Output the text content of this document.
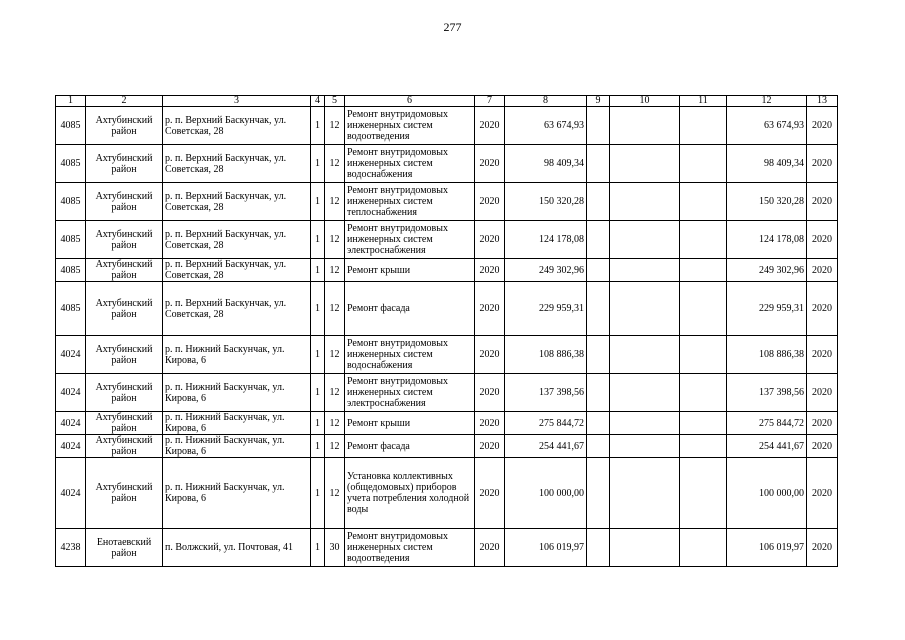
277
1	2	3	4	5	6	7	8	9	10	11	12	13
4085	Ахтубинский район	р. п. Верхний Баскунчак, ул. Советская, 28	1	12	Ремонт внутридомовых инженерных систем водоотведения	2020	63 674,93				63 674,93	2020
4085	Ахтубинский район	р. п. Верхний Баскунчак, ул. Советская, 28	1	12	Ремонт внутридомовых инженерных систем водоснабжения	2020	98 409,34				98 409,34	2020
4085	Ахтубинский район	р. п. Верхний Баскунчак, ул. Советская, 28	1	12	Ремонт внутридомовых инженерных систем теплоснабжения	2020	150 320,28				150 320,28	2020
4085	Ахтубинский район	р. п. Верхний Баскунчак, ул. Советская, 28	1	12	Ремонт внутридомовых инженерных систем электроснабжения	2020	124 178,08				124 178,08	2020
4085	Ахтубинский район	р. п. Верхний Баскунчак, ул. Советская, 28	1	12	Ремонт крыши	2020	249 302,96				249 302,96	2020
4085	Ахтубинский район	р. п. Верхний Баскунчак, ул. Советская, 28	1	12	Ремонт фасада	2020	229 959,31				229 959,31	2020
4024	Ахтубинский район	р. п. Нижний Баскунчак, ул. Кирова, 6	1	12	Ремонт внутридомовых инженерных систем водоснабжения	2020	108 886,38				108 886,38	2020
4024	Ахтубинский район	р. п. Нижний Баскунчак, ул. Кирова, 6	1	12	Ремонт внутридомовых инженерных систем электроснабжения	2020	137 398,56				137 398,56	2020
4024	Ахтубинский район	р. п. Нижний Баскунчак, ул. Кирова, 6	1	12	Ремонт крыши	2020	275 844,72				275 844,72	2020
4024	Ахтубинский район	р. п. Нижний Баскунчак, ул. Кирова, 6	1	12	Ремонт фасада	2020	254 441,67				254 441,67	2020
4024	Ахтубинский район	р. п. Нижний Баскунчак, ул. Кирова, 6	1	12	Установка коллективных (общедомовых) приборов учета потребления холодной воды	2020	100 000,00				100 000,00	2020
4238	Енотаевский район	п. Волжский, ул. Почтовая, 41	1	30	Ремонт внутридомовых инженерных систем водоотведения	2020	106 019,97				106 019,97	2020
